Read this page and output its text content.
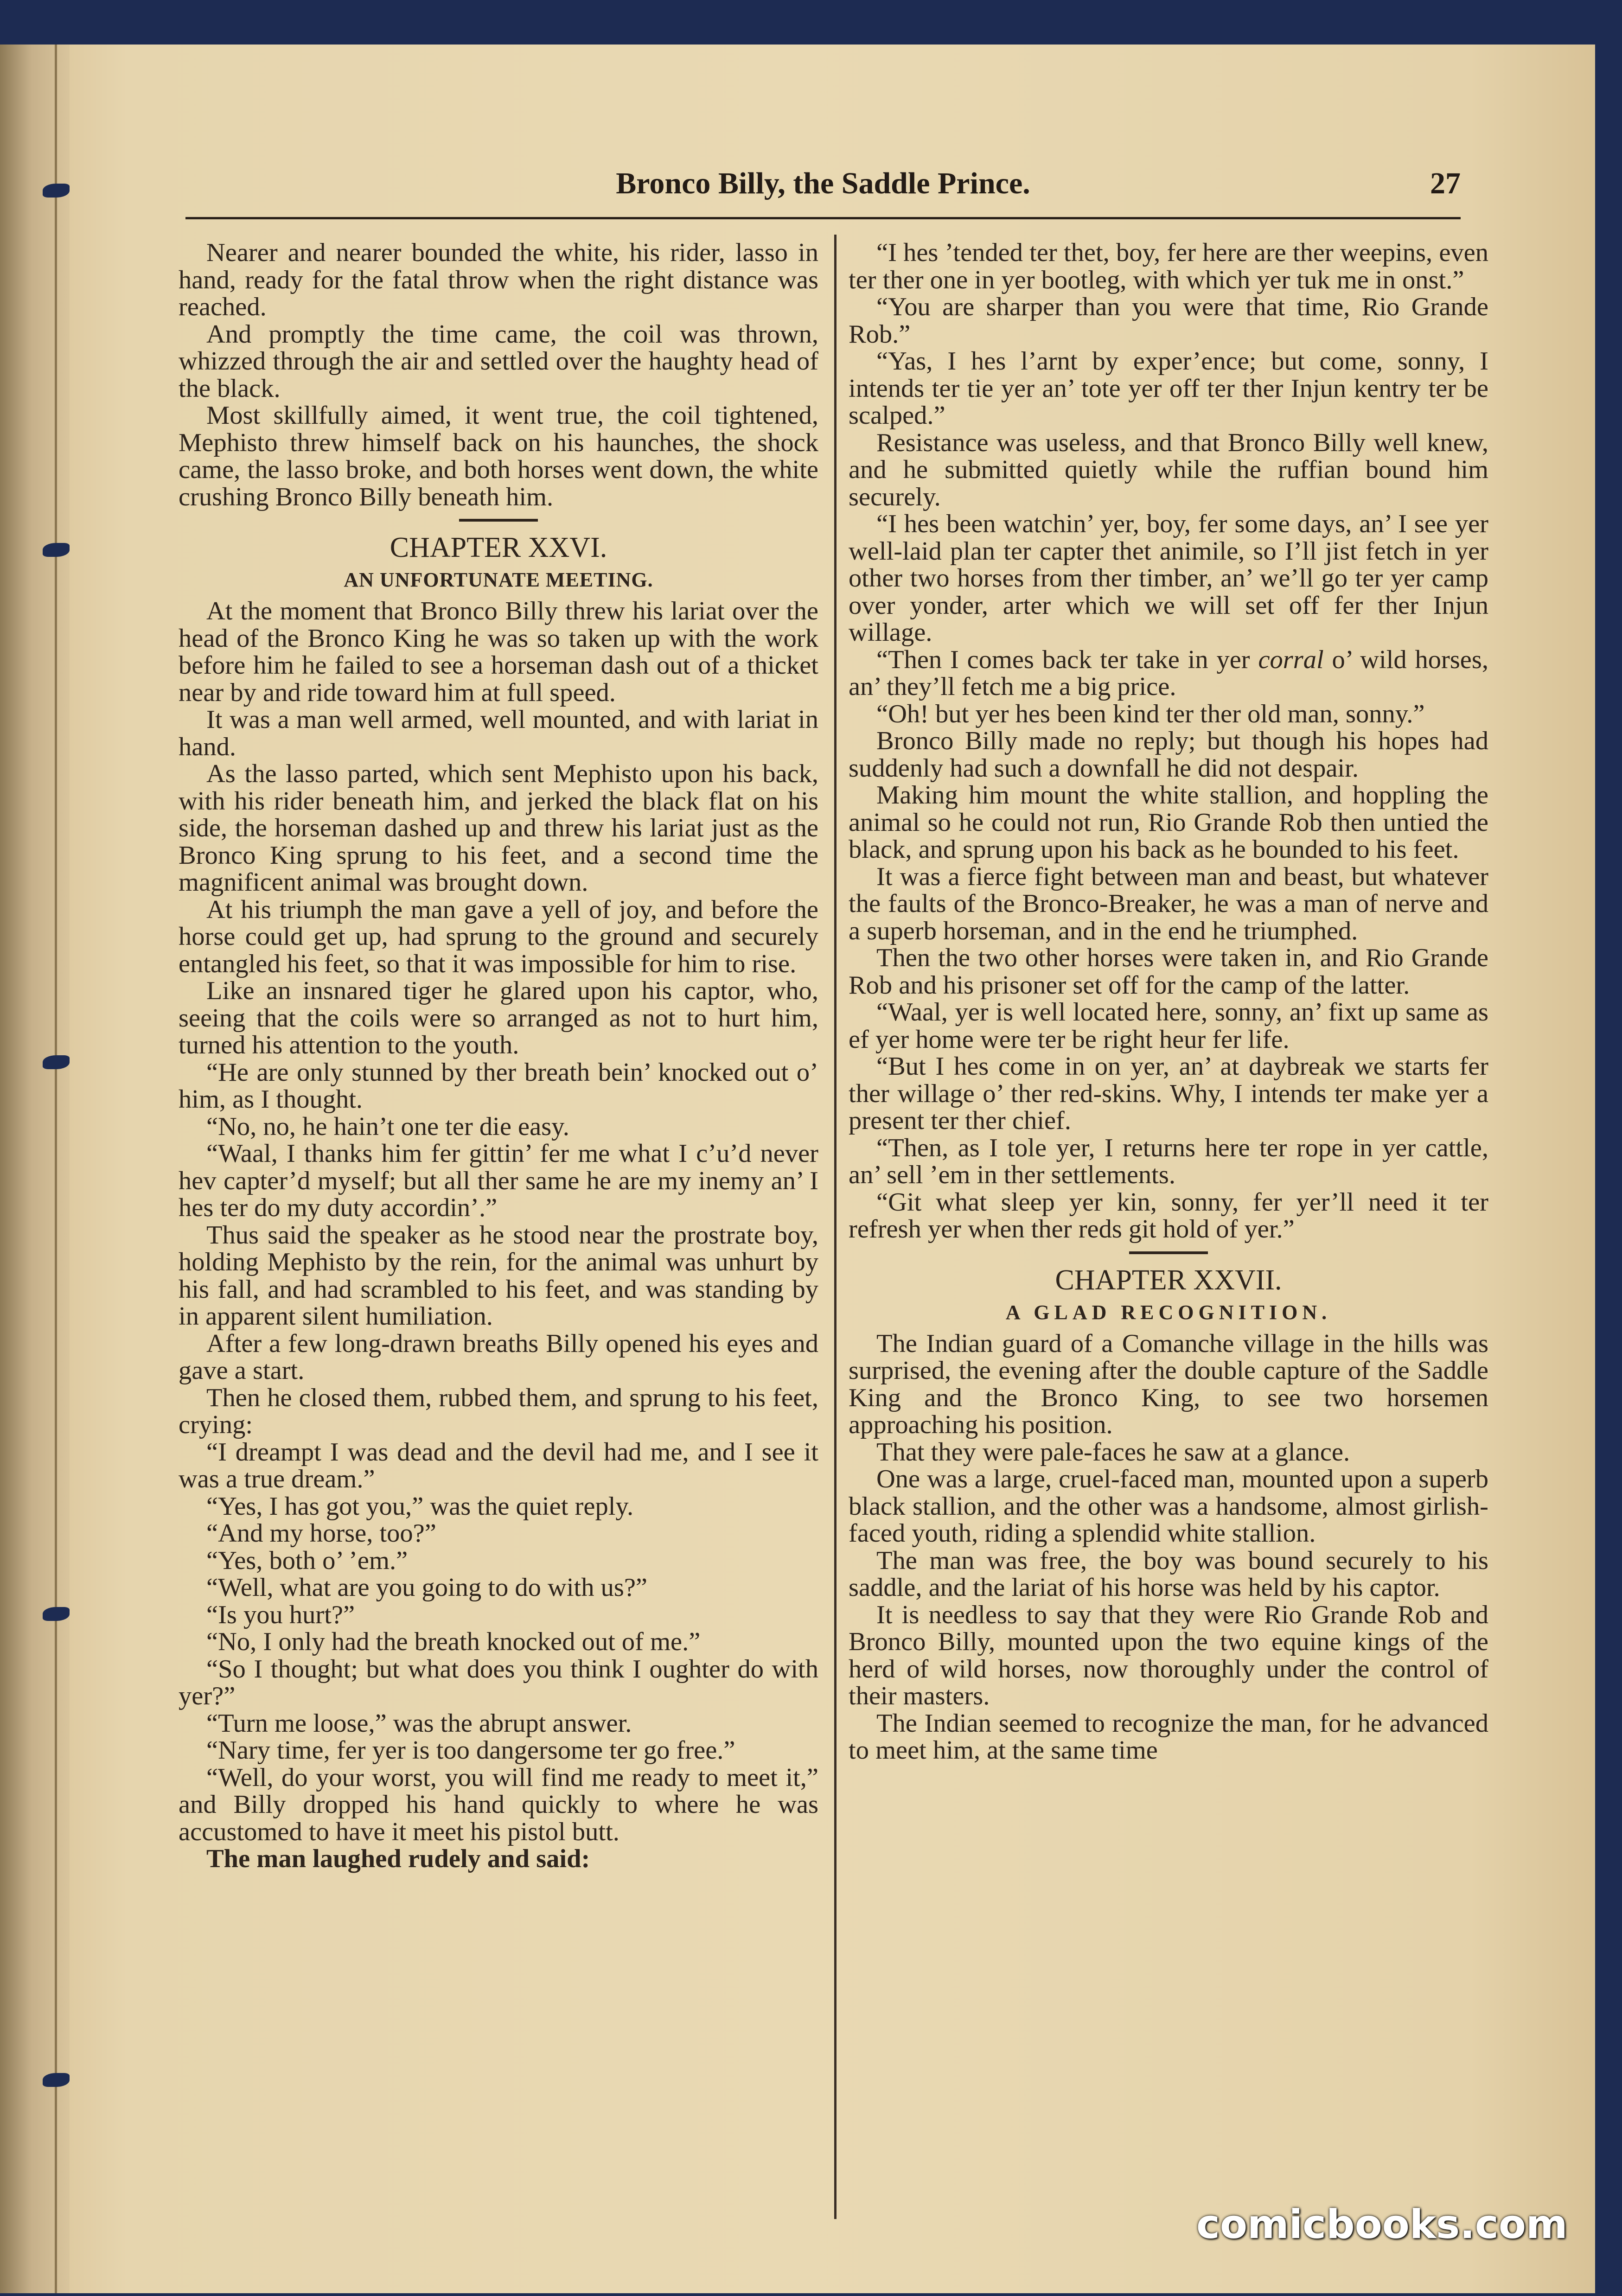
Bronco Billy, the Saddle Prince.	27

Nearer and nearer bounded the white, his rider, lasso in hand, ready for the fatal throw when the right distance was reached.

And promptly the time came, the coil was thrown, whizzed through the air and settled over the haughty head of the black.

Most skillfully aimed, it went true, the coil tightened, Mephisto threw himself back on his haunches, the shock came, the lasso broke, and both horses went down, the white crushing Bronco Billy beneath him.

CHAPTER XXVI.

AN UNFORTUNATE MEETING.

At the moment that Bronco Billy threw his lariat over the head of the Bronco King he was so taken up with the work before him he failed to see a horseman dash out of a thicket near by and ride toward him at full speed.

It was a man well armed, well mounted, and with lariat in hand.

As the lasso parted, which sent Mephisto upon his back, with his rider beneath him, and jerked the black flat on his side, the horseman dashed up and threw his lariat just as the Bronco King sprung to his feet, and a second time the magnificent animal was brought down.

At his triumph the man gave a yell of joy, and before the horse could get up, had sprung to the ground and securely entangled his feet, so that it was impossible for him to rise.

Like an insnared tiger he glared upon his captor, who, seeing that the coils were so arranged as not to hurt him, turned his attention to the youth.

“He are only stunned by ther breath bein’ knocked out o’ him, as I thought.

“No, no, he hain’t one ter die easy.

“Waal, I thanks him fer gittin’ fer me what I c’u’d never hev capter’d myself; but all ther same he are my inemy an’ I hes ter do my duty accordin’.”

Thus said the speaker as he stood near the prostrate boy, holding Mephisto by the rein, for the animal was unhurt by his fall, and had scrambled to his feet, and was standing by in apparent silent humiliation.

After a few long-drawn breaths Billy opened his eyes and gave a start.

Then he closed them, rubbed them, and sprung to his feet, crying:

“I dreampt I was dead and the devil had me, and I see it was a true dream.”

“Yes, I has got you,” was the quiet reply.

“And my horse, too?”

“Yes, both o’ ’em.”

“Well, what are you going to do with us?”

“Is you hurt?”

“No, I only had the breath knocked out of me.”

“So I thought; but what does you think I oughter do with yer?”

“Turn me loose,” was the abrupt answer.

“Nary time, fer yer is too dangersome ter go free.”

“Well, do your worst, you will find me ready to meet it,” and Billy dropped his hand quickly to where he was accustomed to have it meet his pistol butt.

The man laughed rudely and said:

“I hes ’tended ter thet, boy, fer here are ther weepins, even ter ther one in yer bootleg, with which yer tuk me in onst.”

“You are sharper than you were that time, Rio Grande Rob.”

“Yas, I hes l’arnt by exper’ence; but come, sonny, I intends ter tie yer an’ tote yer off ter ther Injun kentry ter be scalped.”

Resistance was useless, and that Bronco Billy well knew, and he submitted quietly while the ruffian bound him securely.

“I hes been watchin’ yer, boy, fer some days, an’ I see yer well-laid plan ter capter thet animile, so I’ll jist fetch in yer other two horses from ther timber, an’ we’ll go ter yer camp over yonder, arter which we will set off fer ther Injun willage.

“Then I comes back ter take in yer corral o’ wild horses, an’ they’ll fetch me a big price.

“Oh! but yer hes been kind ter ther old man, sonny.”

Bronco Billy made no reply; but though his hopes had suddenly had such a downfall he did not despair.

Making him mount the white stallion, and hoppling the animal so he could not run, Rio Grande Rob then untied the black, and sprung upon his back as he bounded to his feet.

It was a fierce fight between man and beast, but whatever the faults of the Bronco-Breaker, he was a man of nerve and a superb horseman, and in the end he triumphed.

Then the two other horses were taken in, and Rio Grande Rob and his prisoner set off for the camp of the latter.

“Waal, yer is well located here, sonny, an’ fixt up same as ef yer home were ter be right heur fer life.

“But I hes come in on yer, an’ at daybreak we starts fer ther willage o’ ther red-skins. Why, I intends ter make yer a present ter ther chief.

“Then, as I tole yer, I returns here ter rope in yer cattle, an’ sell ’em in ther settlements.

“Git what sleep yer kin, sonny, fer yer’ll need it ter refresh yer when ther reds git hold of yer.”

CHAPTER XXVII.

A GLAD RECOGNITION.

The Indian guard of a Comanche village in the hills was surprised, the evening after the double capture of the Saddle King and the Bronco King, to see two horsemen approaching his position.

That they were pale-faces he saw at a glance.

One was a large, cruel-faced man, mounted upon a superb black stallion, and the other was a handsome, almost girlish-faced youth, riding a splendid white stallion.

The man was free, the boy was bound securely to his saddle, and the lariat of his horse was held by his captor.

It is needless to say that they were Rio Grande Rob and Bronco Billy, mounted upon the two equine kings of the herd of wild horses, now thoroughly under the control of their masters.

The Indian seemed to recognize the man, for he advanced to meet him, at the same time

comicbooks.com
